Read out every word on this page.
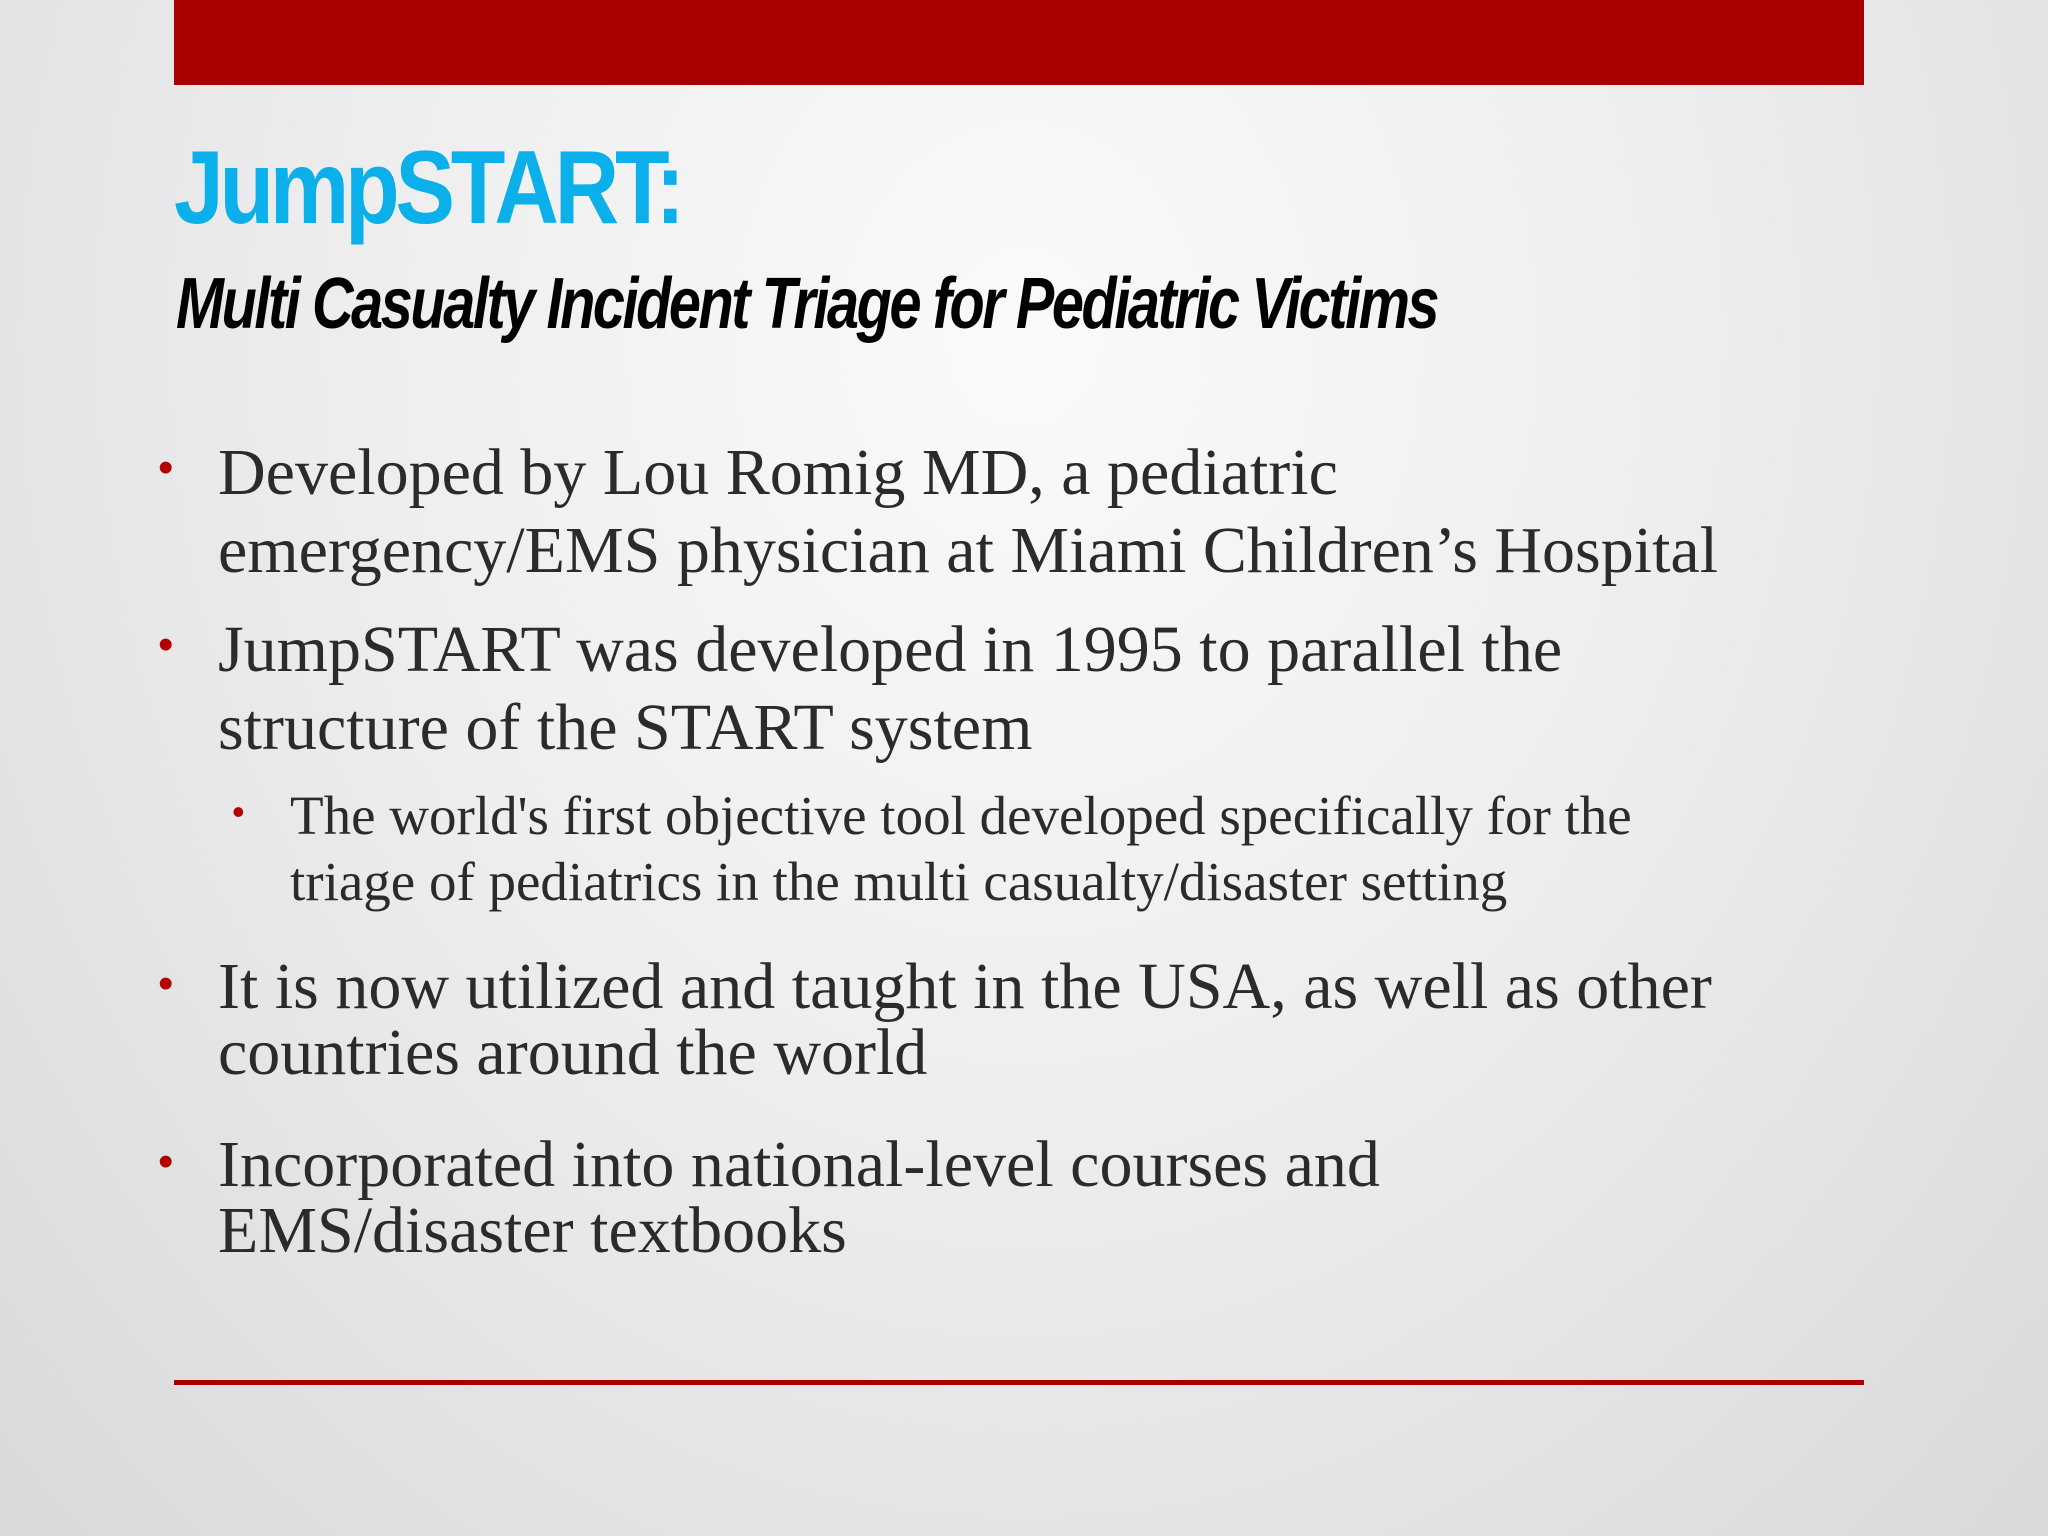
JumpSTART:
Multi Casualty Incident Triage for Pediatric Victims
• Developed by Lou Romig MD, a pediatric
emergency/EMS physician at Miami Children’s Hospital
• JumpSTART was developed in 1995 to parallel the
structure of the START system
• The world's first objective tool developed specifically for the
triage of pediatrics in the multi casualty/disaster setting
• It is now utilized and taught in the USA, as well as other
countries around the world
• Incorporated into national-level courses and
EMS/disaster textbooks
